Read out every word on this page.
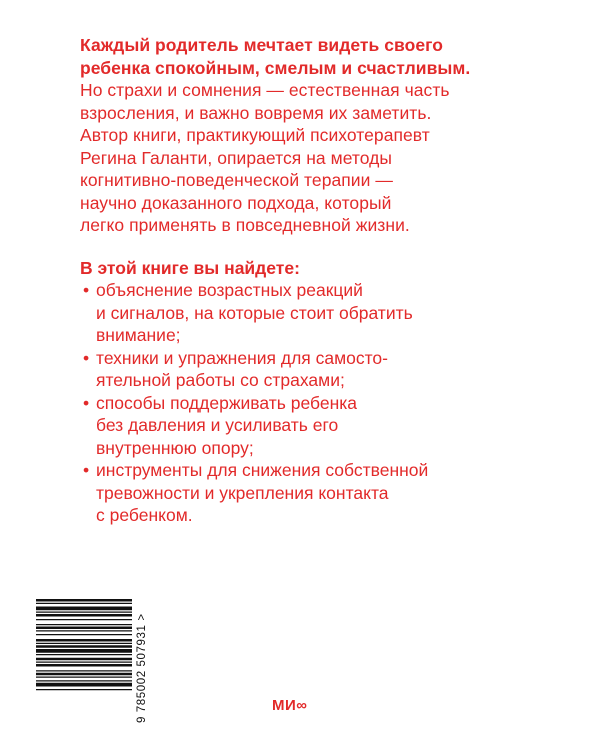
Каждый родитель мечтает видеть своего

ребенка спокойным, смелым и счастливым.

Но страхи и сомнения — естественная часть

взросления, и важно вовремя их заметить.

Автор книги, практикующий психотерапевт

Регина Галанти, опирается на методы

когнитивно-поведенческой терапии —

научно доказанного подхода, который

легко применять в повседневной жизни.

В этой книге вы найдете:

• объяснение возрастных реакций
и сигналов, на которые стоит обратить
внимание;
• техники и упражнения для самосто-
ятельной работы со страхами;
• способы поддерживать ребенка
без давления и усиливать его
внутреннюю опору;
• инструменты для снижения собственной
тревожности и укрепления контакта
с ребенком.
9 785002 507931 >	МИ∞
